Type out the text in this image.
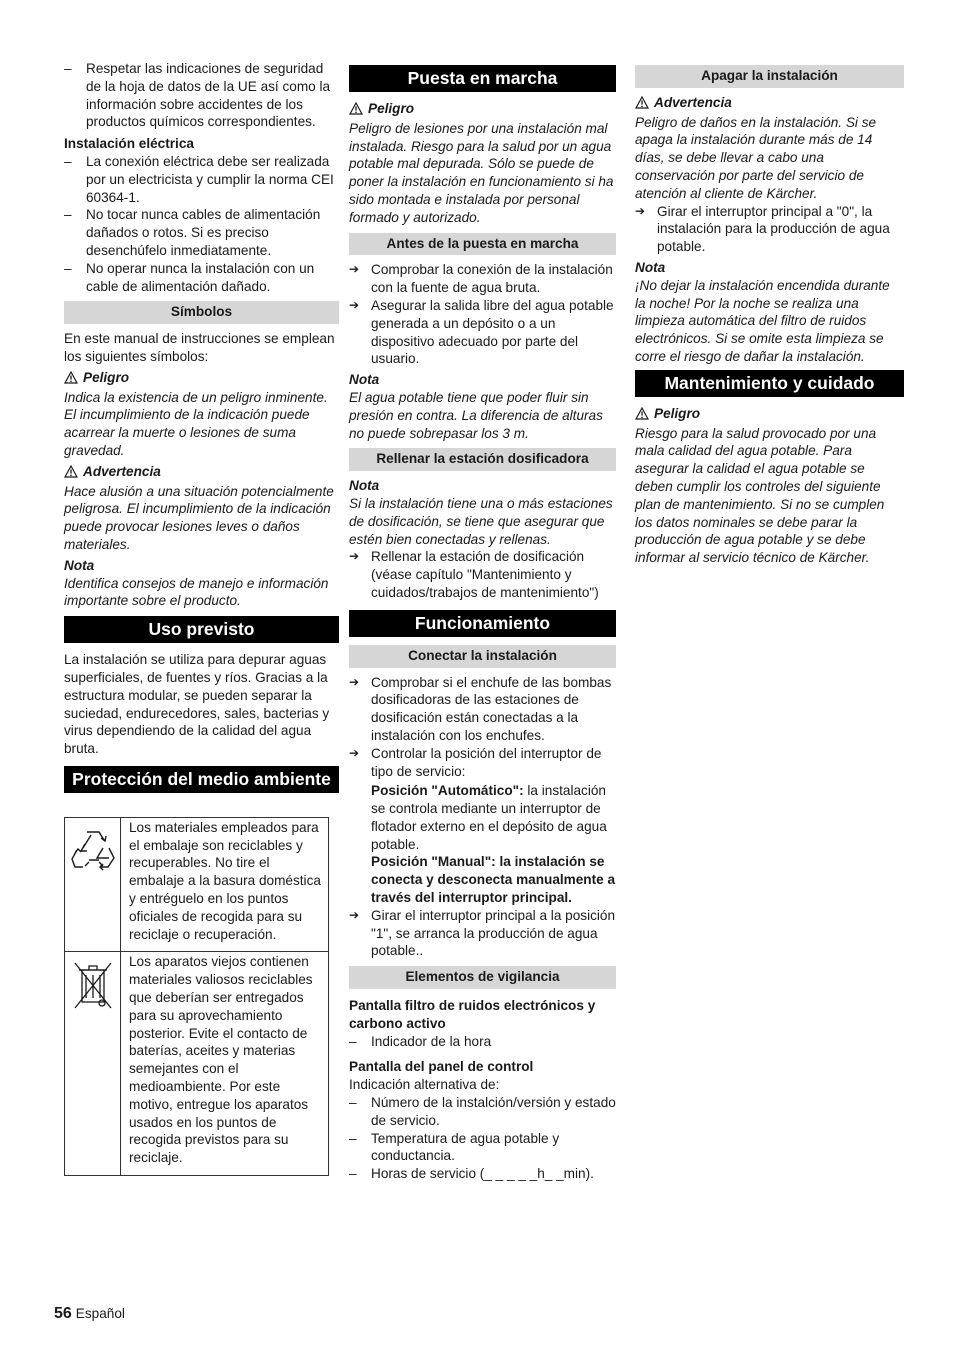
– Respetar las indicaciones de seguridad de la hoja de datos de la UE así como la información sobre accidentes de los productos químicos correspondientes.

Instalación eléctrica

– La conexión eléctrica debe ser realizada por un electricista y cumplir la norma CEI 60364-1.
– No tocar nunca cables de alimentación dañados o rotos. Si es preciso desenchúfelo inmediatamente.
– No operar nunca la instalación con un cable de alimentación dañado.
Símbolos

En este manual de instrucciones se emplean los siguientes símbolos:

Peligro

Indica la existencia de un peligro inminente. El incumplimiento de la indicación puede acarrear la muerte o lesiones de suma gravedad.

Advertencia

Hace alusión a una situación potencialmente peligrosa. El incumplimiento de la indicación puede provocar lesiones leves o daños materiales.

Nota

Identifica consejos de manejo e información importante sobre el producto.

Uso previsto

La instalación se utiliza para depurar aguas superficiales, de fuentes y ríos. Gracias a la estructura modular, se pueden separar la suciedad, endurecedores, sales, bacterias y virus dependiendo de la calidad del agua bruta.

Protección del medio ambiente
	Los materiales empleados para el embalaje son reciclables y recuperables. No tire el embalaje a la basura doméstica y entréguelo en los puntos oficiales de recogida para su reciclaje o recuperación.
	Los aparatos viejos contienen materiales valiosos reciclables que deberían ser entregados para su aprovechamiento posterior. Evite el contacto de baterías, aceites y materias semejantes con el medioambiente. Por este motivo, entregue los aparatos usados en los puntos de recogida previstos para su reciclaje.
Puesta en marcha

Peligro

Peligro de lesiones por una instalación mal instalada. Riesgo para la salud por un agua potable mal depurada. Sólo se puede de poner la instalación en funcionamiento si ha sido montada e instalada por personal formado y autorizado.

Antes de la puesta en marcha
➔ Comprobar la conexión de la instalación con la fuente de agua bruta.
➔ Asegurar la salida libre del agua potable generada a un depósito o a un dispositivo adecuado por parte del usuario.

Nota

El agua potable tiene que poder fluir sin presión en contra. La diferencia de alturas no puede sobrepasar los 3 m.

Rellenar la estación dosificadora

Nota

Si la instalación tiene una o más estaciones de dosificación, se tiene que asegurar que estén bien conectadas y rellenas.

➔ Rellenar la estación de dosificación (véase capítulo "Mantenimiento y cuidados/trabajos de mantenimiento")
Funcionamiento
Conectar la instalación
➔ Comprobar si el enchufe de las bombas dosificadoras de las estaciones de dosificación están conectadas a la instalación con los enchufes.
➔ Controlar la posición del interruptor de tipo de servicio:
Posición "Automático": la instalación se controla mediante un interruptor de flotador externo en el depósito de agua potable.
Posición "Manual": la instalación se conecta y desconecta manualmente a través del interruptor principal.
➔ Girar el interruptor principal a la posición "1", se arranca la producción de agua potable..
Elementos de vigilancia

Pantalla filtro de ruidos electrónicos y carbono activo

– Indicador de la hora

Pantalla del panel de control

Indicación alternativa de:

– Número de la instalción/versión y estado de servicio.
– Temperatura de agua potable y conductancia.
– Horas de servicio (_ _ _ _ _h_ _min).
Apagar la instalación

Advertencia

Peligro de daños en la instalación. Si se apaga la instalación durante más de 14 días, se debe llevar a cabo una conservación por parte del servicio de atención al cliente de Kärcher.

➔ Girar el interruptor principal a "0", la instalación para la producción de agua potable.

Nota

¡No dejar la instalación encendida durante la noche! Por la noche se realiza una limpieza automática del filtro de ruidos electrónicos. Si se omite esta limpieza se corre el riesgo de dañar la instalación.

Mantenimiento y cuidado

Peligro

Riesgo para la salud provocado por una mala calidad del agua potable. Para asegurar la calidad el agua potable se deben cumplir los controles del siguiente plan de mantenimiento. Si no se cumplen los datos nominales se debe parar la producción de agua potable y se debe informar al servicio técnico de Kärcher.

56 Español
